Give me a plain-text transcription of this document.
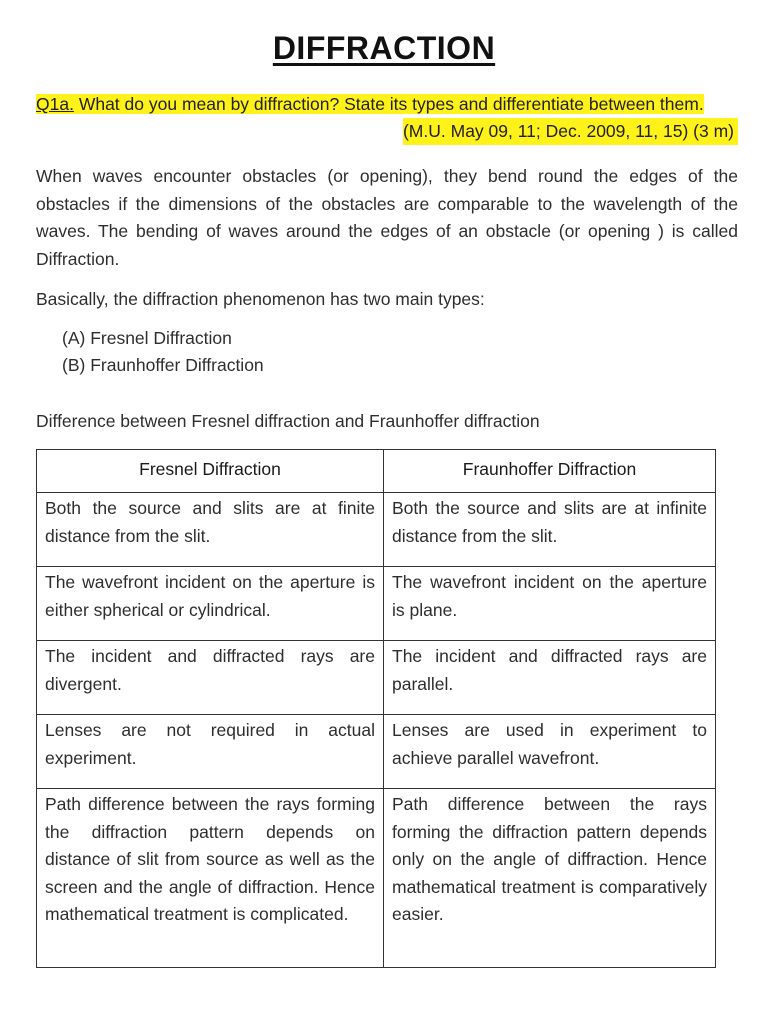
DIFFRACTION
Q1a. What do you mean by diffraction? State its types and differentiate between them.
(M.U. May 09, 11; Dec. 2009, 11, 15) (3 m)
When waves encounter obstacles (or opening), they bend round the edges of the obstacles if the dimensions of the obstacles are comparable to the wavelength of the waves. The bending of waves around the edges of an obstacle (or opening ) is called Diffraction.
Basically, the diffraction phenomenon has two main types:
(A) Fresnel Diffraction
(B) Fraunhoffer Diffraction
Difference between Fresnel diffraction and Fraunhoffer diffraction
Fresnel Diffraction	Fraunhoffer Diffraction
Both the source and slits are at finite distance from the slit.	Both the source and slits are at infinite distance from the slit.
The wavefront incident on the aperture is either spherical or cylindrical.	The wavefront incident on the aperture is plane.
The incident and diffracted rays are divergent.	The incident and diffracted rays are parallel.
Lenses are not required in actual experiment.	Lenses are used in experiment to achieve parallel wavefront.
Path difference between the rays forming the diffraction pattern depends on distance of slit from source as well as the screen and the angle of diffraction. Hence mathematical treatment is complicated.	Path difference between the rays forming the diffraction pattern depends only on the angle of diffraction. Hence mathematical treatment is comparatively easier.
